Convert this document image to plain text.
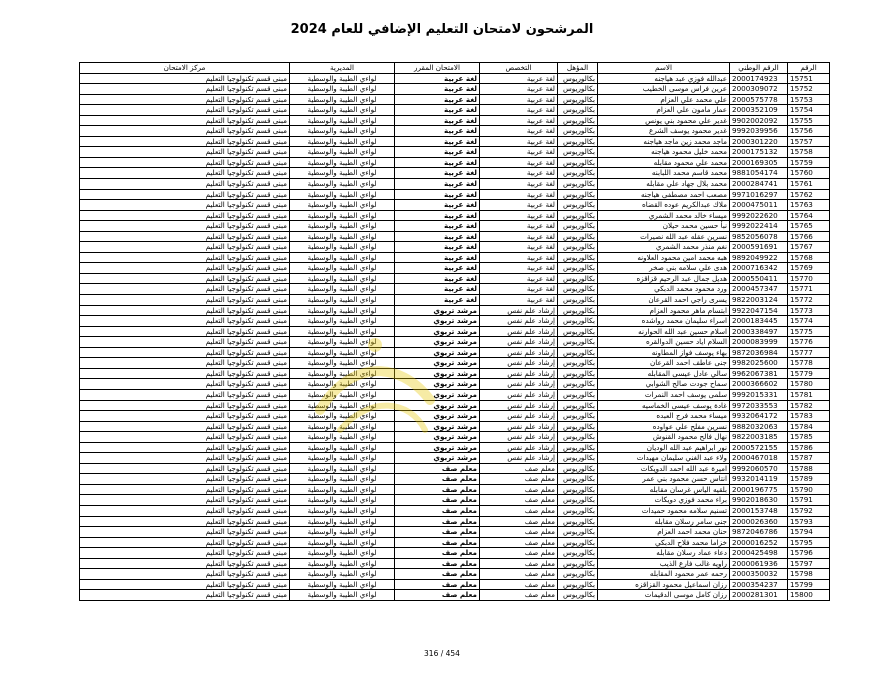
المرشحون لامتحان التعليم الإضافي للعام 2024
الرقم	الرقم الوطني	الاسم	المؤهل	التخصص	الامتحان المقرر	المديرية	مركز الامتحان
15751	2000174923	عبدالله فوزي عبد هياجنه	بكالوريوس	لغة عربية	لغة عربية	لواءي الطيبة والوسطية	مبنى قسم تكنولوجيا التعليم
15752	2000309072	عرين فراس موسى الخطيب	بكالوريوس	لغة عربية	لغة عربية	لواءي الطيبة والوسطية	مبنى قسم تكنولوجيا التعليم
15753	2000575778	علي محمد علي العزام	بكالوريوس	لغة عربية	لغة عربية	لواءي الطيبة والوسطية	مبنى قسم تكنولوجيا التعليم
15754	2000352109	عمار مامون علي العزام	بكالوريوس	لغة عربية	لغة عربية	لواءي الطيبة والوسطية	مبنى قسم تكنولوجيا التعليم
15755	9902002092	غدير علي محمود بني يونس	بكالوريوس	لغة عربية	لغة عربية	لواءي الطيبة والوسطية	مبنى قسم تكنولوجيا التعليم
15756	9992039956	غدير محمود يوسف الشرع	بكالوريوس	لغة عربية	لغة عربية	لواءي الطيبة والوسطية	مبنى قسم تكنولوجيا التعليم
15757	2000301220	ماجد محمد زين ماجد هياجنه	بكالوريوس	لغة عربية	لغة عربية	لواءي الطيبة والوسطية	مبنى قسم تكنولوجيا التعليم
15758	2000175132	محمد خليل محمود هياجنه	بكالوريوس	لغة عربية	لغة عربية	لواءي الطيبة والوسطية	مبنى قسم تكنولوجيا التعليم
15759	2000169305	محمد علي محمود مقابله	بكالوريوس	لغة عربية	لغة عربية	لواءي الطيبة والوسطية	مبنى قسم تكنولوجيا التعليم
15760	9881054174	محمد قاسم محمد اللبابنه	بكالوريوس	لغة عربية	لغة عربية	لواءي الطيبة والوسطية	مبنى قسم تكنولوجيا التعليم
15761	2000284741	محمد بلال جهاد علي مقابله	بكالوريوس	لغة عربية	لغة عربية	لواءي الطيبة والوسطية	مبنى قسم تكنولوجيا التعليم
15762	9971016297	مصعب احمد مصطفى هياجنه	بكالوريوس	لغة عربية	لغة عربية	لواءي الطيبة والوسطية	مبنى قسم تكنولوجيا التعليم
15763	2000475011	ملاك عبدالكريم عوده القضاه	بكالوريوس	لغة عربية	لغة عربية	لواءي الطيبة والوسطية	مبنى قسم تكنولوجيا التعليم
15764	9992022620	ميساء خالد محمد الشمري	بكالوريوس	لغة عربية	لغة عربية	لواءي الطيبة والوسطية	مبنى قسم تكنولوجيا التعليم
15765	9992022414	نبأ حسين محمد حيلان	بكالوريوس	لغة عربية	لغة عربية	لواءي الطيبة والوسطية	مبنى قسم تكنولوجيا التعليم
15766	9852056078	نسرين عقله عبد الله نصيرات	بكالوريوس	لغة عربية	لغة عربية	لواءي الطيبة والوسطية	مبنى قسم تكنولوجيا التعليم
15767	2000591691	نغم منذر محمد الشمري	بكالوريوس	لغة عربية	لغة عربية	لواءي الطيبة والوسطية	مبنى قسم تكنولوجيا التعليم
15768	9892049922	هبه محمد امين محمود العلاونه	بكالوريوس	لغة عربية	لغة عربية	لواءي الطيبة والوسطية	مبنى قسم تكنولوجيا التعليم
15769	2000716342	هدى علي سلامه بني صخر	بكالوريوس	لغة عربية	لغة عربية	لواءي الطيبة والوسطية	مبنى قسم تكنولوجيا التعليم
15770	2000550411	هديل جمال عبد الرحيم قزاقزه	بكالوريوس	لغة عربية	لغة عربية	لواءي الطيبة والوسطية	مبنى قسم تكنولوجيا التعليم
15771	2000457347	ورد محمود محمد الدبكي	بكالوريوس	لغة عربية	لغة عربية	لواءي الطيبة والوسطية	مبنى قسم تكنولوجيا التعليم
15772	9822003124	يسرى راجي احمد القرعان	بكالوريوس	لغة عربية	لغة عربية	لواءي الطيبة والوسطية	مبنى قسم تكنولوجيا التعليم
15773	9922047154	ابتسام ماهر محمود العزام	بكالوريوس	إرشاد علم نفس	مرشد تربوي	لواءي الطيبة والوسطية	مبنى قسم تكنولوجيا التعليم
15774	2000183445	اسراء سليمان محمد رواشده	بكالوريوس	إرشاد علم نفس	مرشد تربوي	لواءي الطيبة والوسطية	مبنى قسم تكنولوجيا التعليم
15775	2000338497	اسلام حسين عبد الله الحوارنه	بكالوريوس	إرشاد علم نفس	مرشد تربوي	لواءي الطيبة والوسطية	مبنى قسم تكنولوجيا التعليم
15776	2000083999	السلام اياد حسين الدوالقره	بكالوريوس	إرشاد علم نفس	مرشد تربوي	لواءي الطيبة والوسطية	مبنى قسم تكنولوجيا التعليم
15777	9872036984	بهاء يوسف فواز المطاونه	بكالوريوس	إرشاد علم نفس	مرشد تربوي	لواءي الطيبة والوسطية	مبنى قسم تكنولوجيا التعليم
15778	9982025600	جنى عاطف احمد القرعان	بكالوريوس	إرشاد علم نفس	مرشد تربوي	لواءي الطيبة والوسطية	مبنى قسم تكنولوجيا التعليم
15779	9962067381	سالي عادل عيسى المقابله	بكالوريوس	إرشاد علم نفس	مرشد تربوي	لواءي الطيبة والوسطية	مبنى قسم تكنولوجيا التعليم
15780	2000366602	سماح جودت صالح الشوابي	بكالوريوس	إرشاد علم نفس	مرشد تربوي	لواءي الطيبة والوسطية	مبنى قسم تكنولوجيا التعليم
15781	9992015331	سلمى يوسف احمد النمرات	بكالوريوس	إرشاد علم نفس	مرشد تربوي	لواءي الطيبة والوسطية	مبنى قسم تكنولوجيا التعليم
15782	9972033553	غادة يوسف عيسى الخماسيه	بكالوريوس	إرشاد علم نفس	مرشد تربوي	لواءي الطيبة والوسطية	مبنى قسم تكنولوجيا التعليم
15783	9932064172	ميساء محمد فرج العبده	بكالوريوس	إرشاد علم نفس	مرشد تربوي	لواءي الطيبة والوسطية	مبنى قسم تكنولوجيا التعليم
15784	9882032063	نسرين مفلح علي عواوده	بكالوريوس	إرشاد علم نفس	مرشد تربوي	لواءي الطيبة والوسطية	مبنى قسم تكنولوجيا التعليم
15785	9822003185	نهال فالح محمود القنوش	بكالوريوس	إرشاد علم نفس	مرشد تربوي	لواءي الطيبة والوسطية	مبنى قسم تكنولوجيا التعليم
15786	2000572155	نور ابراهيم عبد الله الوديان	بكالوريوس	إرشاد علم نفس	مرشد تربوي	لواءي الطيبة والوسطية	مبنى قسم تكنولوجيا التعليم
15787	2000467018	ولاء عبد الغني سليمان مهيدات	بكالوريوس	إرشاد علم نفس	مرشد تربوي	لواءي الطيبة والوسطية	مبنى قسم تكنولوجيا التعليم
15788	9992060570	اميرة عبد الله احمد الدويكات	بكالوريوس	معلم صف	معلم صف	لواءي الطيبة والوسطية	مبنى قسم تكنولوجيا التعليم
15789	9932014119	انتاس حسن محمود بني عمر	بكالوريوس	معلم صف	معلم صف	لواءي الطيبة والوسطية	مبنى قسم تكنولوجيا التعليم
15790	2000196775	بلقيه الياس غرسان مقابله	بكالوريوس	معلم صف	معلم صف	لواءي الطيبة والوسطية	مبنى قسم تكنولوجيا التعليم
15791	9902018630	براء محمد فوزي دويكات	بكالوريوس	معلم صف	معلم صف	لواءي الطيبة والوسطية	مبنى قسم تكنولوجيا التعليم
15792	2000153748	تسنيم سلامه محمود حميدات	بكالوريوس	معلم صف	معلم صف	لواءي الطيبة والوسطية	مبنى قسم تكنولوجيا التعليم
15793	2000026360	جنى سامر رسلان مقابله	بكالوريوس	معلم صف	معلم صف	لواءي الطيبة والوسطية	مبنى قسم تكنولوجيا التعليم
15794	9872046786	حنان محمد احمد العزام	بكالوريوس	معلم صف	معلم صف	لواءي الطيبة والوسطية	مبنى قسم تكنولوجيا التعليم
15795	2000016252	خزاما محمد فلاح الدبكي	بكالوريوس	معلم صف	معلم صف	لواءي الطيبة والوسطية	مبنى قسم تكنولوجيا التعليم
15796	2000425498	دعاء عماد رسلان مقابله	بكالوريوس	معلم صف	معلم صف	لواءي الطيبة والوسطية	مبنى قسم تكنولوجيا التعليم
15797	2000061936	راويه غالب فارع الذيب	بكالوريوس	معلم صف	معلم صف	لواءي الطيبة والوسطية	مبنى قسم تكنولوجيا التعليم
15798	2000350032	رحمه عمر محمود المقابله	بكالوريوس	معلم صف	معلم صف	لواءي الطيبة والوسطية	مبنى قسم تكنولوجيا التعليم
15799	2000354237	رزان اسماعيل محمود القزاقزه	بكالوريوس	معلم صف	معلم صف	لواءي الطيبة والوسطية	مبنى قسم تكنولوجيا التعليم
15800	2000281301	رزان كامل موسى الدقيمات	بكالوريوس	معلم صف	معلم صف	لواءي الطيبة والوسطية	مبنى قسم تكنولوجيا التعليم
316 / 454
